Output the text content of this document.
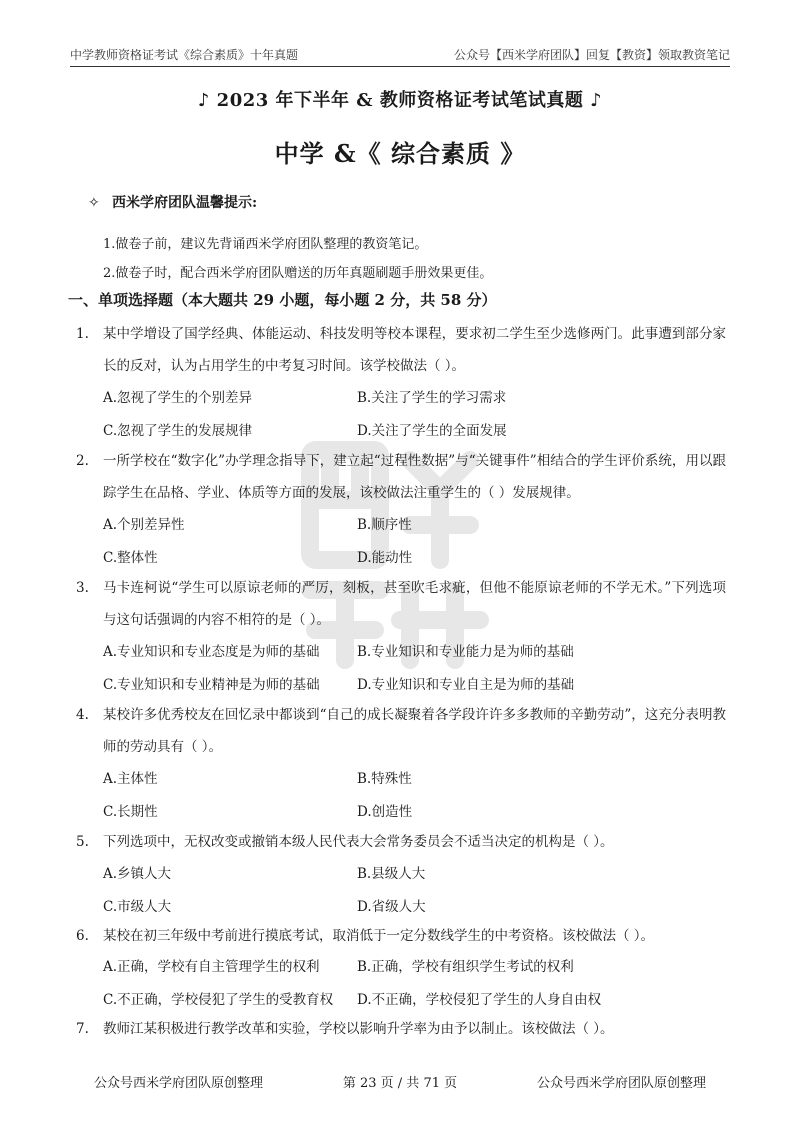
中学教师资格证考试《综合素质》十年真题	公众号【西米学府团队】回复【教资】领取教资笔记
♪ 2023 年下半年 & 教师资格证考试笔试真题 ♪
中学 &《 综合素质 》
✧ 西米学府团队温馨提示:
1.做卷子前，建议先背诵西米学府团队整理的教资笔记。
2.做卷子时，配合西米学府团队赠送的历年真题刷题手册效果更佳。
一、单项选择题（本大题共 29 小题，每小题 2 分，共 58 分）
1. 某中学增设了国学经典、体能运动、科技发明等校本课程，要求初二学生至少选修两门。此事遭到部分家长的反对，认为占用学生的中考复习时间。该学校做法（ ）。
A.忽视了学生的个别差异	B.关注了学生的学习需求
C.忽视了学生的发展规律	D.关注了学生的全面发展
2. 一所学校在“数字化”办学理念指导下，建立起“过程性数据”与“关键事件”相结合的学生评价系统，用以跟踪学生在品格、学业、体质等方面的发展，该校做法注重学生的（ ）发展规律。
A.个别差异性	B.顺序性
C.整体性	D.能动性
3. 马卡连柯说“学生可以原谅老师的严厉，刻板，甚至吹毛求疵，但他不能原谅老师的不学无术。”下列选项与这句话强调的内容不相符的是（ ）。
A.专业知识和专业态度是为师的基础	B.专业知识和专业能力是为师的基础
C.专业知识和专业精神是为师的基础	D.专业知识和专业自主是为师的基础
4. 某校许多优秀校友在回忆录中都谈到“自己的成长凝聚着各学段许许多多教师的辛勤劳动”，这充分表明教师的劳动具有（ ）。
A.主体性	B.特殊性
C.长期性	D.创造性
5. 下列选项中，无权改变或撤销本级人民代表大会常务委员会不适当决定的机构是（ ）。
A.乡镇人大	B.县级人大
C.市级人大	D.省级人大
6. 某校在初三年级中考前进行摸底考试，取消低于一定分数线学生的中考资格。该校做法（ ）。
A.正确，学校有自主管理学生的权利	B.正确，学校有组织学生考试的权利
C.不正确，学校侵犯了学生的受教育权 D.不正确，学校侵犯了学生的人身自由权
7. 教师江某积极进行教学改革和实验，学校以影响升学率为由予以制止。该校做法（ ）。
公众号西米学府团队原创整理	第 23 页 / 共 71 页	公众号西米学府团队原创整理
